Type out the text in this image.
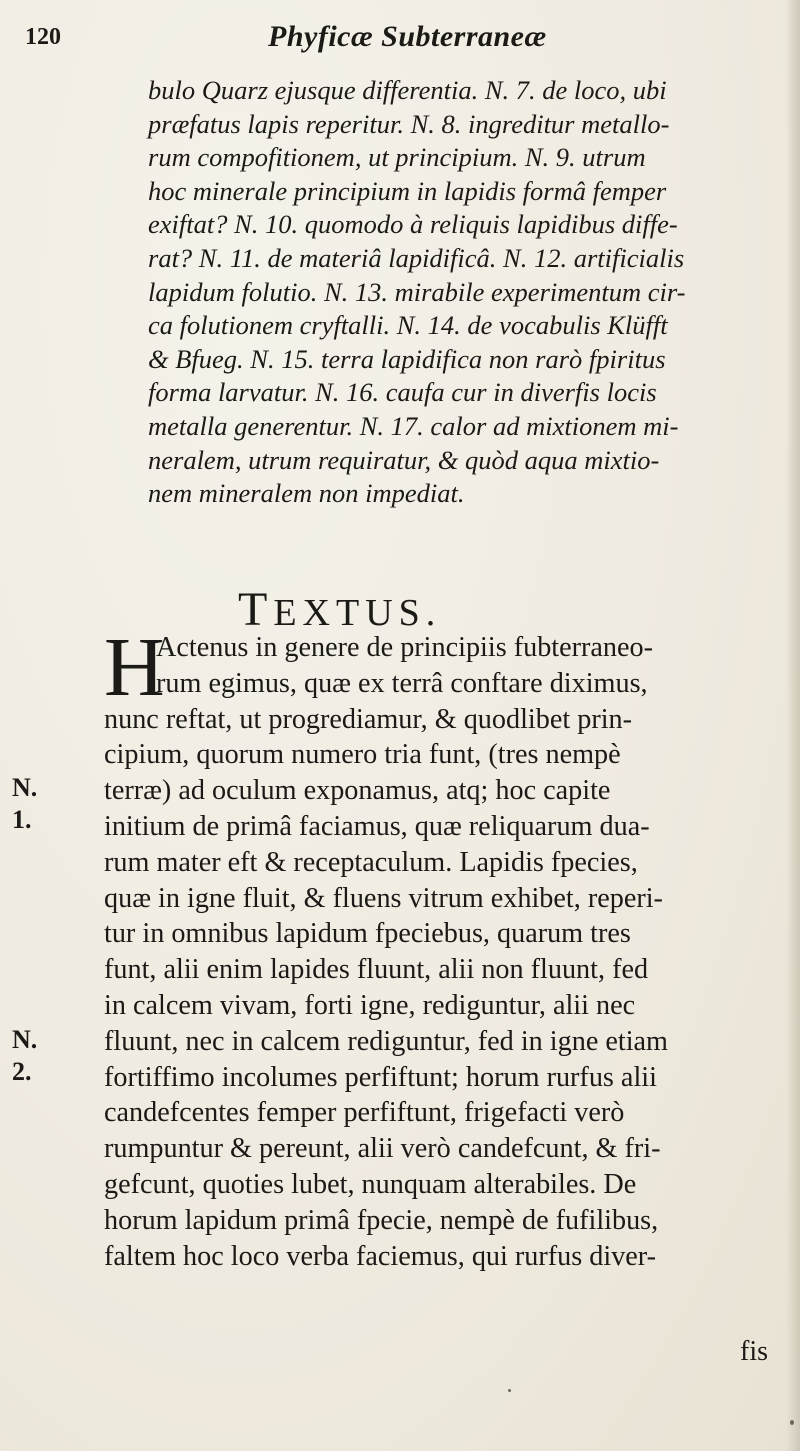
120	Phyficæ Subterraneæ
bulo Quarz ejusque differentia. N. 7. de loco, ubi
præfatus lapis reperitur. N. 8. ingreditur metallo-
rum compofitionem, ut principium. N. 9. utrum
hoc minerale principium in lapidis formâ femper
exiftat? N. 10. quomodo à reliquis lapidibus diffe-
rat? N. 11. de materiâ lapidificâ. N. 12. artificialis
lapidum folutio. N. 13. mirabile experimentum cir-
ca folutionem cryftalli. N. 14. de vocabulis Klüfft
& Bfueg. N. 15. terra lapidifica non rarò fpiritus
forma larvatur. N. 16. caufa cur in diverfis locis
metalla generentur. N. 17. calor ad mixtionem mi-
neralem, utrum requiratur, & quòd aqua mixtio-
nem mineralem non impediat.
TEXTUS.
H
Actenus in genere de principiis fubterraneo-
rum egimus, quæ ex terrâ conftare diximus,
nunc reftat, ut progrediamur, & quodlibet prin-
cipium, quorum numero tria funt, (tres nempè
terræ) ad oculum exponamus, atq; hoc capite
initium de primâ faciamus, quæ reliquarum dua-
rum mater eft & receptaculum. Lapidis fpecies,
quæ in igne fluit, & fluens vitrum exhibet, reperi-
tur in omnibus lapidum fpeciebus, quarum tres
funt, alii enim lapides fluunt, alii non fluunt, fed
in calcem vivam, forti igne, rediguntur, alii nec
fluunt, nec in calcem rediguntur, fed in igne etiam
fortiffimo incolumes perfiftunt; horum rurfus alii
candefcentes femper perfiftunt, frigefacti verò
rumpuntur & pereunt, alii verò candefcunt, & fri-
gefcunt, quoties lubet, nunquam alterabiles. De
horum lapidum primâ fpecie, nempè de fufilibus,
faltem hoc loco verba faciemus, qui rurfus diver-
N.
1.
N.
2.
fis
